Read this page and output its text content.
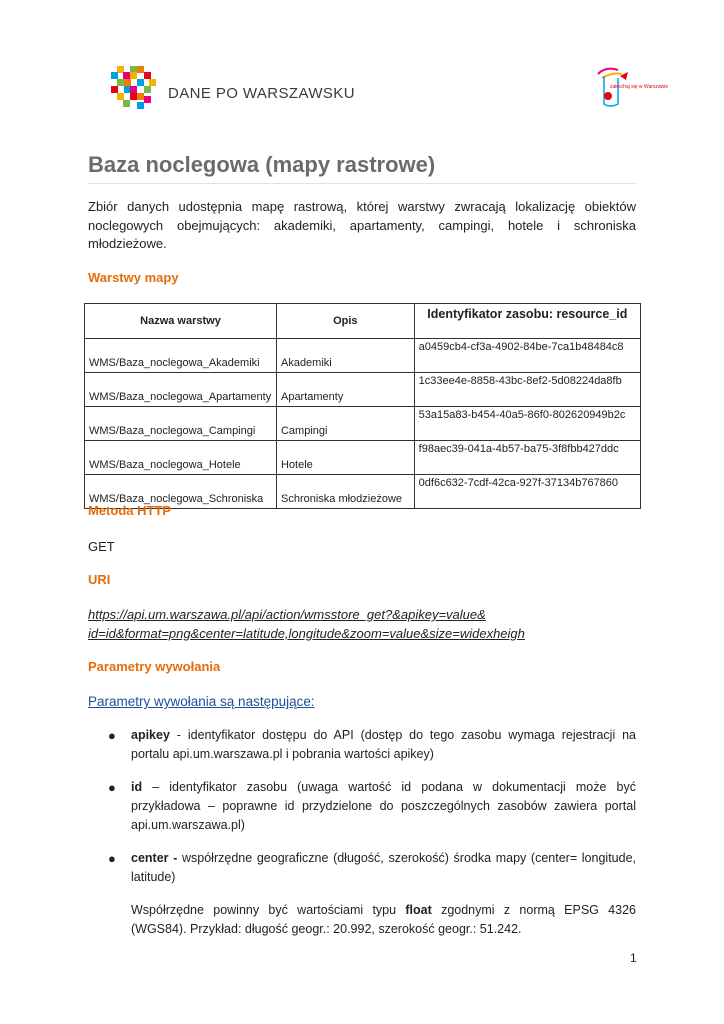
DANE PO WARSZAWSKU	zakochaj się w Warszawie
Baza noclegowa (mapy rastrowe)
Zbiór danych udostępnia mapę rastrową, której warstwy zwracają lokalizację obiektów noclegowych obejmujących: akademiki, apartamenty, campingi, hotele i schroniska młodzieżowe.
Warstwy mapy
Nazwa warstwy	Opis	Identyfikator zasobu: resource_id
WMS/Baza_noclegowa_Akademiki	Akademiki	a0459cb4-cf3a-4902-84be-7ca1b48484c8
WMS/Baza_noclegowa_Apartamenty	Apartamenty	1c33ee4e-8858-43bc-8ef2-5d08224da8fb
WMS/Baza_noclegowa_Campingi	Campingi	53a15a83-b454-40a5-86f0-802620949b2c
WMS/Baza_noclegowa_Hotele	Hotele	f98aec39-041a-4b57-ba75-3f8fbb427ddc
WMS/Baza_noclegowa_Schroniska	Schroniska młodzieżowe	0df6c632-7cdf-42ca-927f-37134b767860
Metoda HTTP
GET
URI
https://api.um.warszawa.pl/api/action/wmsstore_get?&apikey=value&
id=id&format=png&center=latitude,longitude&zoom=value&size=widexheigh
Parametry wywołania
Parametry wywołania są następujące:
● apikey - identyfikator dostępu do API (dostęp do tego zasobu wymaga rejestracji na portalu api.um.warszawa.pl i pobrania wartości apikey)
● id – identyfikator zasobu (uwaga wartość id podana w dokumentacji może być przykładowa – poprawne id przydzielone do poszczególnych zasobów zawiera portal api.um.warszawa.pl)
● center - współrzędne geograficzne (długość, szerokość) środka mapy (center= longitude, latitude)
Współrzędne powinny być wartościami typu float zgodnymi z normą EPSG 4326 (WGS84). Przykład: długość geogr.: 20.992, szerokość geogr.: 51.242.
1
